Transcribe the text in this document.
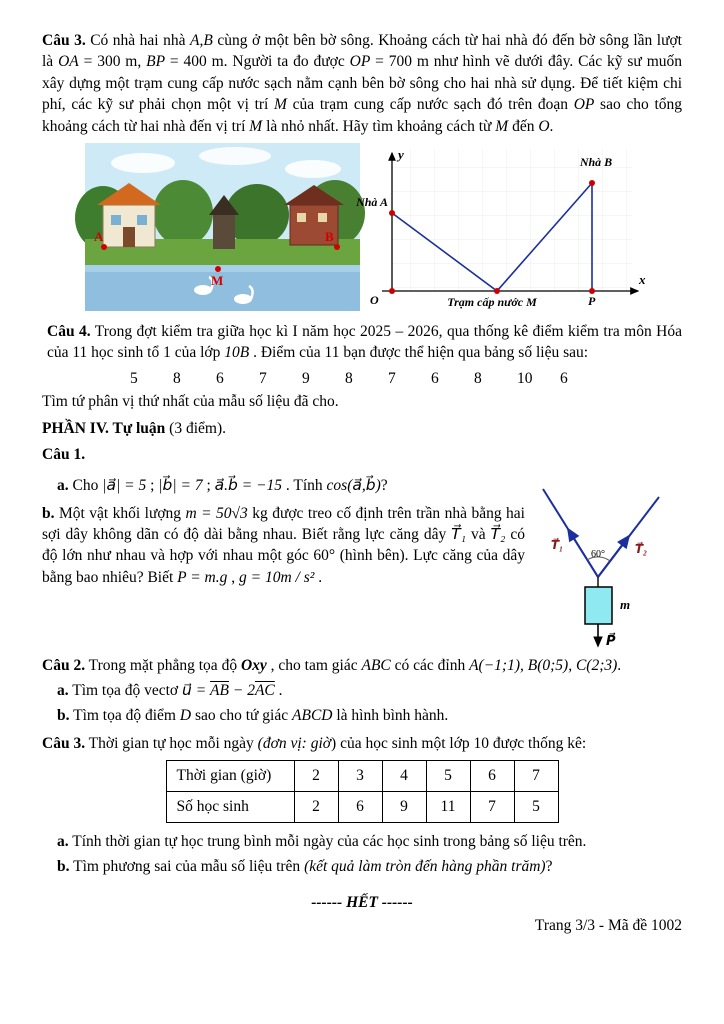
Câu 3. Có nhà hai nhà A,B cùng ở một bên bờ sông. Khoảng cách từ hai nhà đó đến bờ sông lần lượt là OA = 300 m, BP = 400 m. Người ta đo được OP = 700 m như hình vẽ dưới đây. Các kỹ sư muốn xây dựng một trạm cung cấp nước sạch nằm cạnh bên bờ sông cho hai nhà sử dụng. Để tiết kiệm chi phí, các kỹ sư phải chọn một vị trí M của trạm cung cấp nước sạch đó trên đoạn OP sao cho tổng khoảng cách từ hai nhà đến vị trí M là nhỏ nhất. Hãy tìm khoảng cách từ M đến O.

A	B
M
y
x
O
Nhà A
Nhà B
P
Trạm cấp nước M

Câu 4. Trong đợt kiểm tra giữa học kì I năm học 2025 – 2026, qua thống kê điểm kiểm tra môn Hóa của 11 học sinh tổ 1 của lớp 10B . Điểm của 11 bạn được thể hiện qua bảng số liệu sau:

5	8	6	7	9	8	7	6	8	10	6

Tìm tứ phân vị thứ nhất của mẫu số liệu đã cho.

PHẦN IV. Tự luận (3 điểm).

Câu 1.

a. Cho |a⃗| = 5 ; |b⃗| = 7 ; a⃗.b⃗ = −15 . Tính cos(a⃗,b⃗)?

60°
T⃗₁	T⃗₂
m
P⃗

b. Một vật khối lượng m = 50√3 kg được treo cố định trên trần nhà bằng hai sợi dây không dãn có độ dài bằng nhau. Biết rằng lực căng dây T⃗₁ và T⃗₂ có độ lớn như nhau và hợp với nhau một góc 60° (hình bên). Lực căng của dây bằng bao nhiêu? Biết P = m.g , g = 10m / s² .

Câu 2. Trong mặt phẳng tọa độ Oxy , cho tam giác ABC có các đỉnh A(−1;1), B(0;5), C(2;3).

a. Tìm tọa độ vectơ u⃗ = $\overline{AB} - 2\overline{AC}$ .

b. Tìm tọa độ điểm D sao cho tứ giác ABCD là hình bình hành.

Câu 3. Thời gian tự học mỗi ngày (đơn vị: giờ) của học sinh một lớp 10 được thống kê:

Thời gian (giờ)	2	3	4	5	6	7
Số học sinh	2	6	9	11	7	5

a. Tính thời gian tự học trung bình mỗi ngày của các học sinh trong bảng số liệu trên.

b. Tìm phương sai của mẫu số liệu trên (kết quả làm tròn đến hàng phần trăm)?

------ HẾT ------

Trang 3/3 - Mã đề 1002
